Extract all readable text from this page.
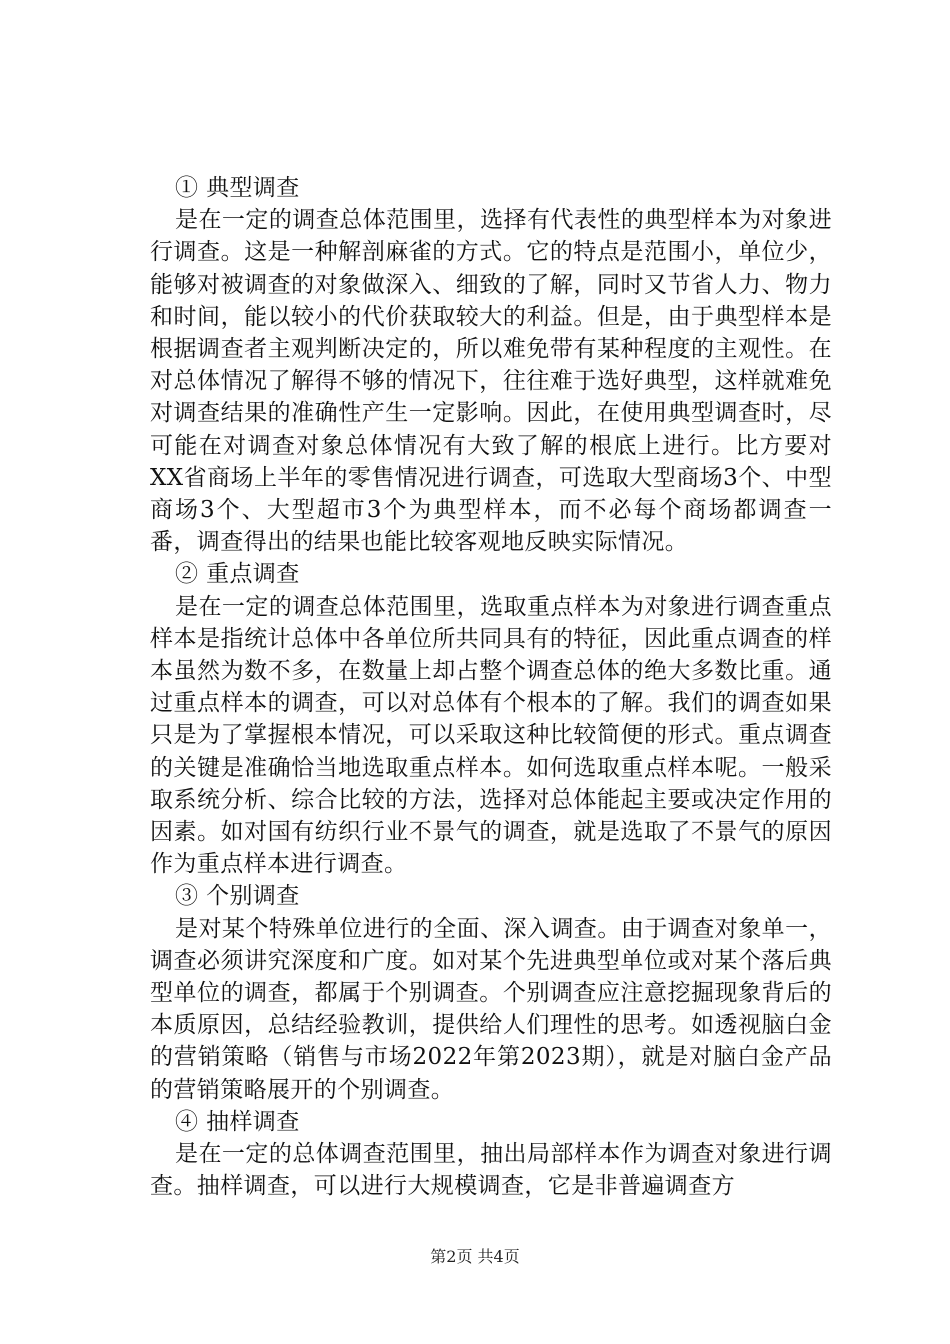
① 典型调查

是在一定的调查总体范围里，选择有代表性的典型样本为对象进行调查。这是一种解剖麻雀的方式。它的特点是范围小，单位少，能够对被调查的对象做深入、细致的了解，同时又节省人力、物力和时间，能以较小的代价获取较大的利益。但是，由于典型样本是根据调查者主观判断决定的，所以难免带有某种程度的主观性。在对总体情况了解得不够的情况下，往往难于选好典型，这样就难免对调查结果的准确性产生一定影响。因此，在使用典型调查时，尽可能在对调查对象总体情况有大致了解的根底上进行。比方要对XX省商场上半年的零售情况进行调查，可选取大型商场3个、中型商场3个、大型超市3个为典型样本，而不必每个商场都调查一番，调查得出的结果也能比较客观地反映实际情况。

② 重点调查

是在一定的调查总体范围里，选取重点样本为对象进行调查重点样本是指统计总体中各单位所共同具有的特征，因此重点调查的样本虽然为数不多，在数量上却占整个调查总体的绝大多数比重。通过重点样本的调查，可以对总体有个根本的了解。我们的调查如果只是为了掌握根本情况，可以采取这种比较简便的形式。重点调查的关键是准确恰当地选取重点样本。如何选取重点样本呢。一般采取系统分析、综合比较的方法，选择对总体能起主要或决定作用的因素。如对国有纺织行业不景气的调查，就是选取了不景气的原因作为重点样本进行调查。

③ 个别调查

是对某个特殊单位进行的全面、深入调查。由于调查对象单一，调查必须讲究深度和广度。如对某个先进典型单位或对某个落后典型单位的调查，都属于个别调查。个别调查应注意挖掘现象背后的本质原因，总结经验教训，提供给人们理性的思考。如透视脑白金的营销策略（销售与市场2022年第2023期），就是对脑白金产品的营销策略展开的个别调查。

④ 抽样调查

是在一定的总体调查范围里，抽出局部样本作为调查对象进行调查。抽样调查，可以进行大规模调查，它是非普遍调查方

第2页 共4页
